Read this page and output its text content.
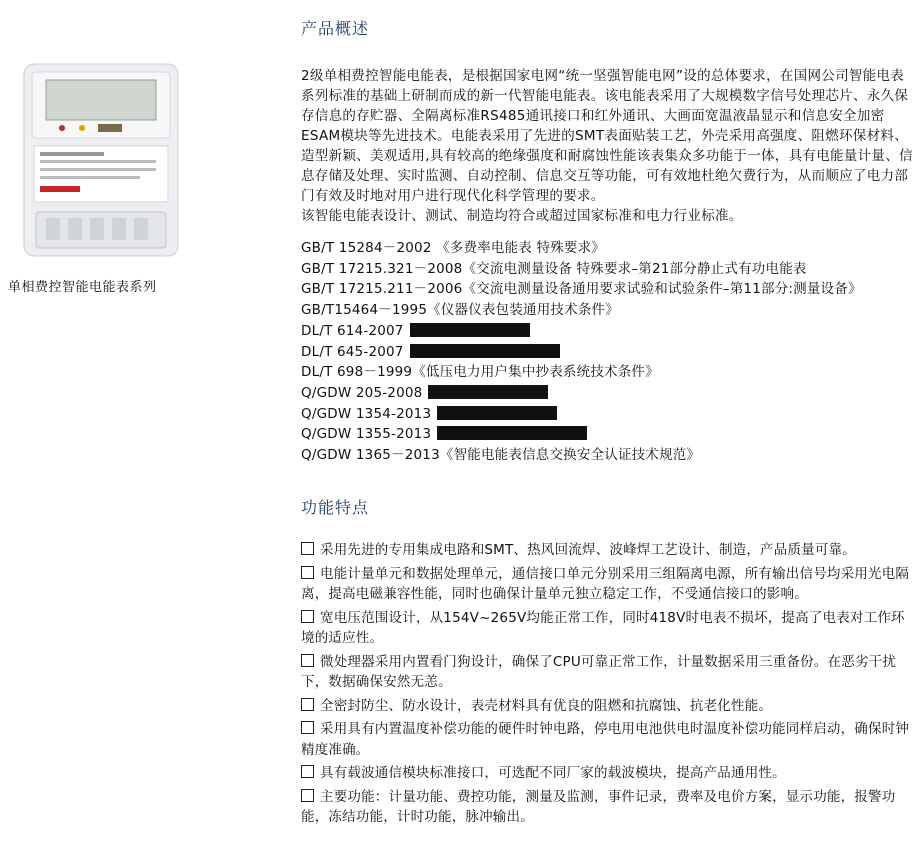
单相费控智能电能表系列
产品概述

2级单相费控智能电能表，是根据国家电网“统一坚强智能电网”设的总体要求，在国网公司智能电表系列标准的基础上研制而成的新一代智能电能表。该电能表采用了大规模数字信号处理芯片、永久保存信息的存贮器、全隔离标准RS485通讯接口和红外通讯、大画面宽温液晶显示和信息安全加密ESAM模块等先进技术。电能表采用了先进的SMT表面贴装工艺，外壳采用高强度、阻燃环保材料、造型新颖、美观适用,具有较高的绝缘强度和耐腐蚀性能该表集众多功能于一体，具有电能量计量、信息存储及处理、实时监测、自动控制、信息交互等功能，可有效地杜绝欠费行为，从而顺应了电力部门有效及时地对用户进行现代化科学管理的要求。

该智能电能表设计、测试、制造均符合或超过国家标准和电力行业标准。

GB/T 15284－2002 《多费率电能表 特殊要求》
GB/T 17215.321－2008《交流电测量设备 特殊要求–第21部分静止式有功电能表
GB/T 17215.211－2006《交流电测量设备通用要求试验和试验条件–第11部分:测量设备》
GB/T15464－1995《仪器仪表包装通用技术条件》
DL/T 614-2007
DL/T 645-2007
DL/T 698－1999《低压电力用户集中抄表系统技术条件》
Q/GDW 205-2008
Q/GDW 1354-2013
Q/GDW 1355-2013
Q/GDW 1365－2013《智能电能表信息交换安全认证技术规范》
功能特点

采用先进的专用集成电路和SMT、热风回流焊、波峰焊工艺设计、制造，产品质量可靠。

电能计量单元和数据处理单元，通信接口单元分别采用三组隔离电源，所有输出信号均采用光电隔离，提高电磁兼容性能，同时也确保计量单元独立稳定工作，不受通信接口的影响。

宽电压范围设计，从154V~265V均能正常工作，同时418V时电表不损坏，提高了电表对工作环境的适应性。

微处理器采用内置看门狗设计，确保了CPU可靠正常工作，计量数据采用三重备份。在恶劣干扰下，数据确保安然无恙。

全密封防尘、防水设计，表壳材料具有优良的阻燃和抗腐蚀、抗老化性能。

采用具有内置温度补偿功能的硬件时钟电路，停电用电池供电时温度补偿功能同样启动，确保时钟精度准确。

具有载波通信模块标准接口，可选配不同厂家的载波模块，提高产品通用性。

主要功能：计量功能、费控功能，测量及监测，事件记录，费率及电价方案，显示功能，报警功能，冻结功能，计时功能，脉冲输出。
